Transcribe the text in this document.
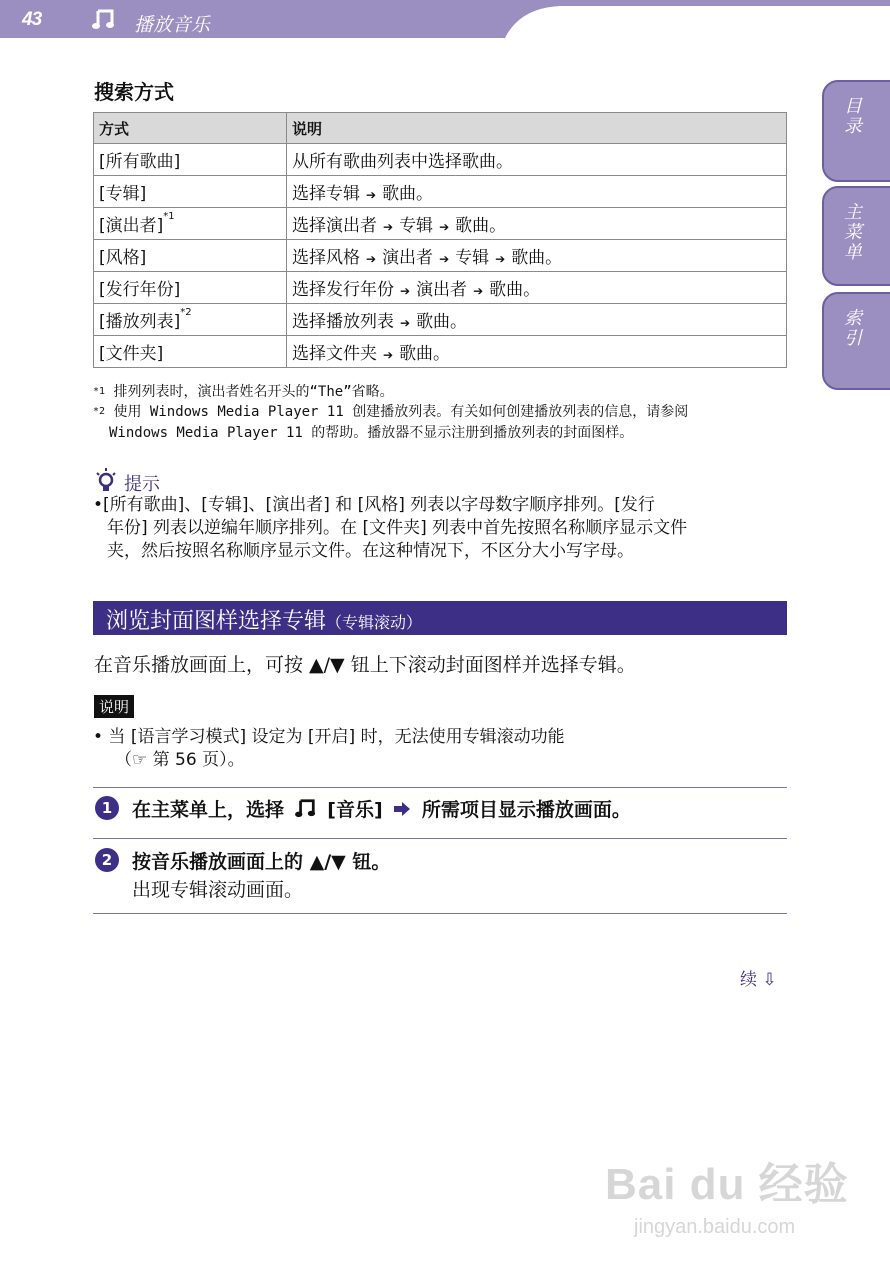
43	播放音乐
目录
主菜单
索引
搜索方式
方式	说明
[所有歌曲]	从所有歌曲列表中选择歌曲。
[专辑]	选择专辑 ➔ 歌曲。
[演出者]$^{*1}$	选择演出者 ➔ 专辑 ➔ 歌曲。
[风格]	选择风格 ➔ 演出者 ➔ 专辑 ➔ 歌曲。
[发行年份]	选择发行年份 ➔ 演出者 ➔ 歌曲。
[播放列表]$^{*2}$	选择播放列表 ➔ 歌曲。
[文件夹]	选择文件夹 ➔ 歌曲。
$^{*1}$ 排列列表时，演出者姓名开头的“The”省略。
$^{*2}$ 使用 Windows Media Player 11 创建播放列表。有关如何创建播放列表的信息，请参阅
Windows Media Player 11 的帮助。播放器不显示注册到播放列表的封面图样。
提示
•[所有歌曲]、[专辑]、[演出者] 和 [风格] 列表以字母数字顺序排列。[发行
年份] 列表以逆编年顺序排列。在 [文件夹] 列表中首先按照名称顺序显示文件
夹，然后按照名称顺序显示文件。在这种情况下，不区分大小写字母。
浏览封面图样选择专辑（专辑滚动）
在音乐播放画面上，可按 ▲/▼ 钮上下滚动封面图样并选择专辑。
说明
• 当 [语言学习模式] 设定为 [开启] 时，无法使用专辑滚动功能
（☞ 第 56 页）。
1	在主菜单上，选择 [音乐] 所需项目显示播放画面。
2	按音乐播放画面上的 ▲/▼ 钮。
出现专辑滚动画面。
续 ⇩
Bai du 经验
jingyan.baidu.com
